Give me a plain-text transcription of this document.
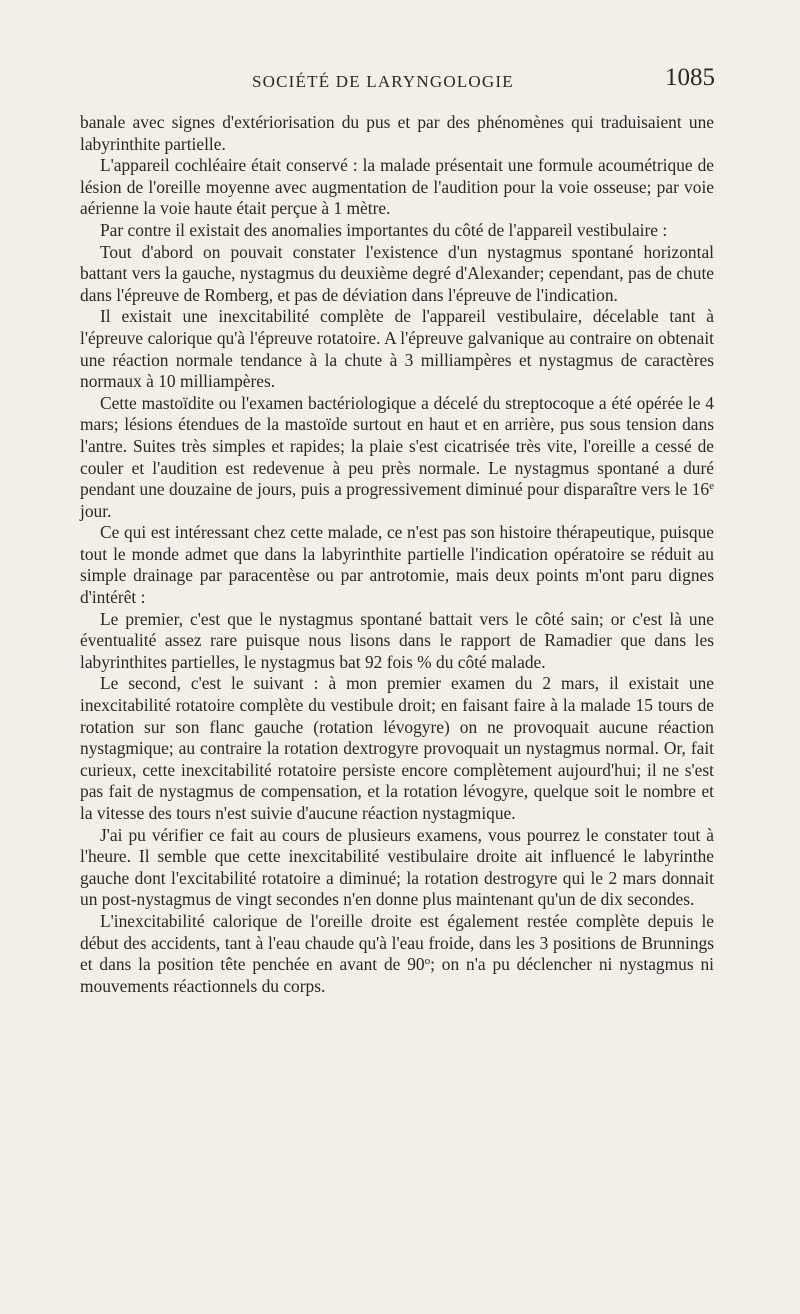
SOCIÉTÉ DE LARYNGOLOGIE	1085

banale avec signes d'extériorisation du pus et par des phénomènes qui traduisaient une labyrinthite partielle.

L'appareil cochléaire était conservé : la malade présentait une formule acoumétrique de lésion de l'oreille moyenne avec augmentation de l'audition pour la voie osseuse; par voie aérienne la voie haute était perçue à 1 mètre.

Par contre il existait des anomalies importantes du côté de l'appareil vestibulaire :

Tout d'abord on pouvait constater l'existence d'un nystagmus spontané horizontal battant vers la gauche, nystagmus du deuxième degré d'Alexander; cependant, pas de chute dans l'épreuve de Romberg, et pas de déviation dans l'épreuve de l'indication.

Il existait une inexcitabilité complète de l'appareil vestibulaire, décelable tant à l'épreuve calorique qu'à l'épreuve rotatoire. A l'épreuve galvanique au contraire on obtenait une réaction normale tendance à la chute à 3 milliampères et nystagmus de caractères normaux à 10 milliampères.

Cette mastoïdite ou l'examen bactériologique a décelé du streptocoque a été opérée le 4 mars; lésions étendues de la mastoïde surtout en haut et en arrière, pus sous tension dans l'antre. Suites très simples et rapides; la plaie s'est cicatrisée très vite, l'oreille a cessé de couler et l'audition est redevenue à peu près normale. Le nystagmus spontané a duré pendant une douzaine de jours, puis a progressivement diminué pour disparaître vers le 16e jour.

Ce qui est intéressant chez cette malade, ce n'est pas son histoire thérapeutique, puisque tout le monde admet que dans la labyrinthite partielle l'indication opératoire se réduit au simple drainage par paracentèse ou par antrotomie, mais deux points m'ont paru dignes d'intérêt :

Le premier, c'est que le nystagmus spontané battait vers le côté sain; or c'est là une éventualité assez rare puisque nous lisons dans le rapport de Ramadier que dans les labyrinthites partielles, le nystagmus bat 92 fois % du côté malade.

Le second, c'est le suivant : à mon premier examen du 2 mars, il existait une inexcitabilité rotatoire complète du vestibule droit; en faisant faire à la malade 15 tours de rotation sur son flanc gauche (rotation lévogyre) on ne provoquait aucune réaction nystagmique; au contraire la rotation dextrogyre provoquait un nystagmus normal. Or, fait curieux, cette inexcitabilité rotatoire persiste encore complètement aujourd'hui; il ne s'est pas fait de nystagmus de compensation, et la rotation lévogyre, quelque soit le nombre et la vitesse des tours n'est suivie d'aucune réaction nystagmique.

J'ai pu vérifier ce fait au cours de plusieurs examens, vous pourrez le constater tout à l'heure. Il semble que cette inexcitabilité vestibulaire droite ait influencé le labyrinthe gauche dont l'excitabilité rotatoire a diminué; la rotation destrogyre qui le 2 mars donnait un post-nystagmus de vingt secondes n'en donne plus maintenant qu'un de dix secondes.

L'inexcitabilité calorique de l'oreille droite est également restée complète depuis le début des accidents, tant à l'eau chaude qu'à l'eau froide, dans les 3 positions de Brunnings et dans la position tête penchée en avant de 90$^o$; on n'a pu déclencher ni nystagmus ni mouvements réactionnels du corps.
